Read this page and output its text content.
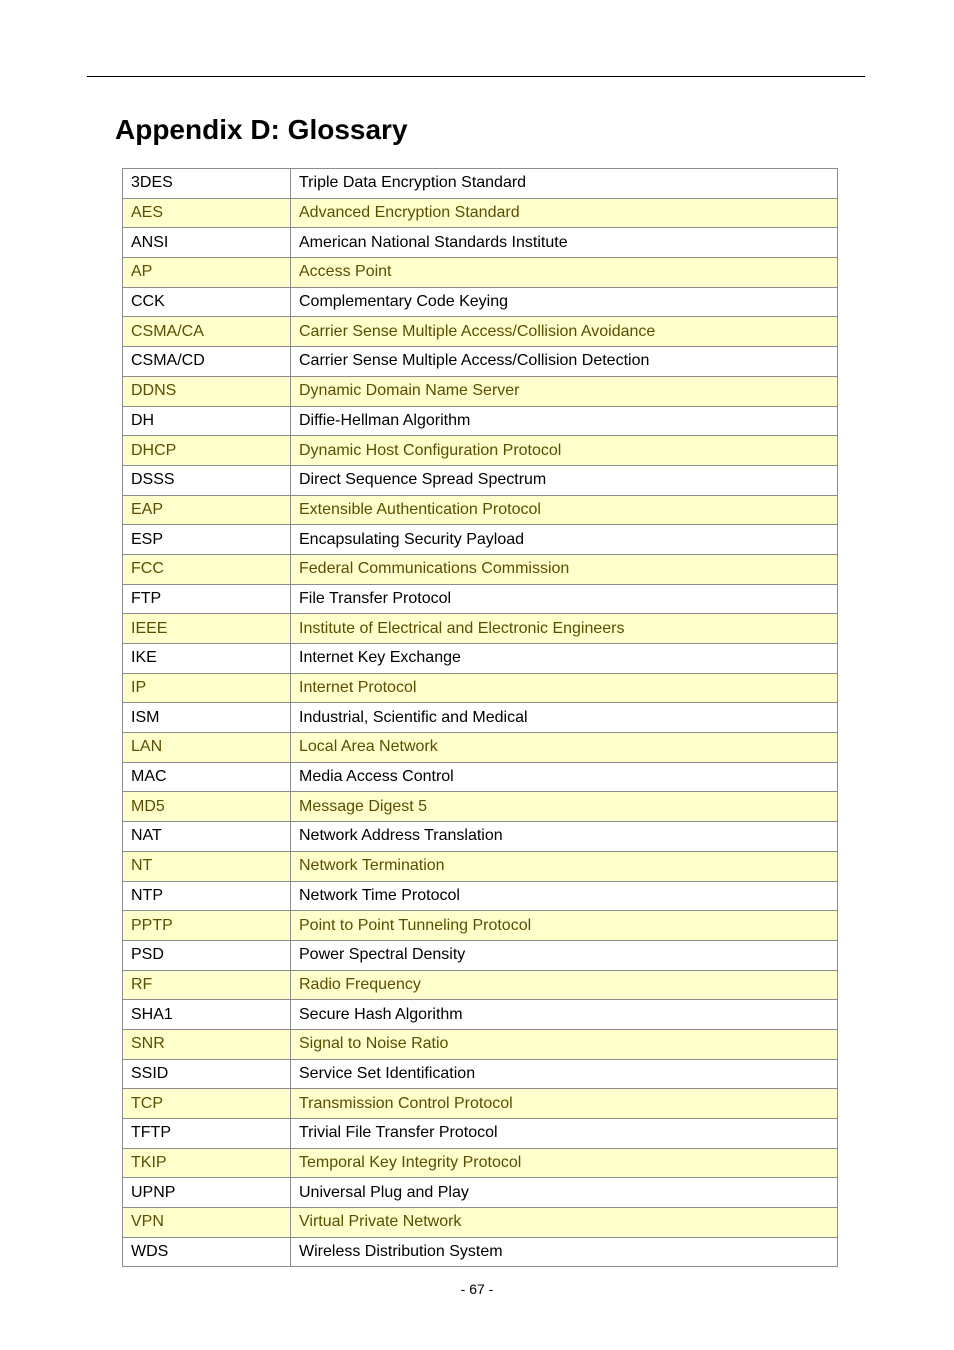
Appendix D: Glossary
3DES	Triple Data Encryption Standard
AES	Advanced Encryption Standard
ANSI	American National Standards Institute
AP	Access Point
CCK	Complementary Code Keying
CSMA/CA	Carrier Sense Multiple Access/Collision Avoidance
CSMA/CD	Carrier Sense Multiple Access/Collision Detection
DDNS	Dynamic Domain Name Server
DH	Diffie-Hellman Algorithm
DHCP	Dynamic Host Configuration Protocol
DSSS	Direct Sequence Spread Spectrum
EAP	Extensible Authentication Protocol
ESP	Encapsulating Security Payload
FCC	Federal Communications Commission
FTP	File Transfer Protocol
IEEE	Institute of Electrical and Electronic Engineers
IKE	Internet Key Exchange
IP	Internet Protocol
ISM	Industrial, Scientific and Medical
LAN	Local Area Network
MAC	Media Access Control
MD5	Message Digest 5
NAT	Network Address Translation
NT	Network Termination
NTP	Network Time Protocol
PPTP	Point to Point Tunneling Protocol
PSD	Power Spectral Density
RF	Radio Frequency
SHA1	Secure Hash Algorithm
SNR	Signal to Noise Ratio
SSID	Service Set Identification
TCP	Transmission Control Protocol
TFTP	Trivial File Transfer Protocol
TKIP	Temporal Key Integrity Protocol
UPNP	Universal Plug and Play
VPN	Virtual Private Network
WDS	Wireless Distribution System
- 67 -
